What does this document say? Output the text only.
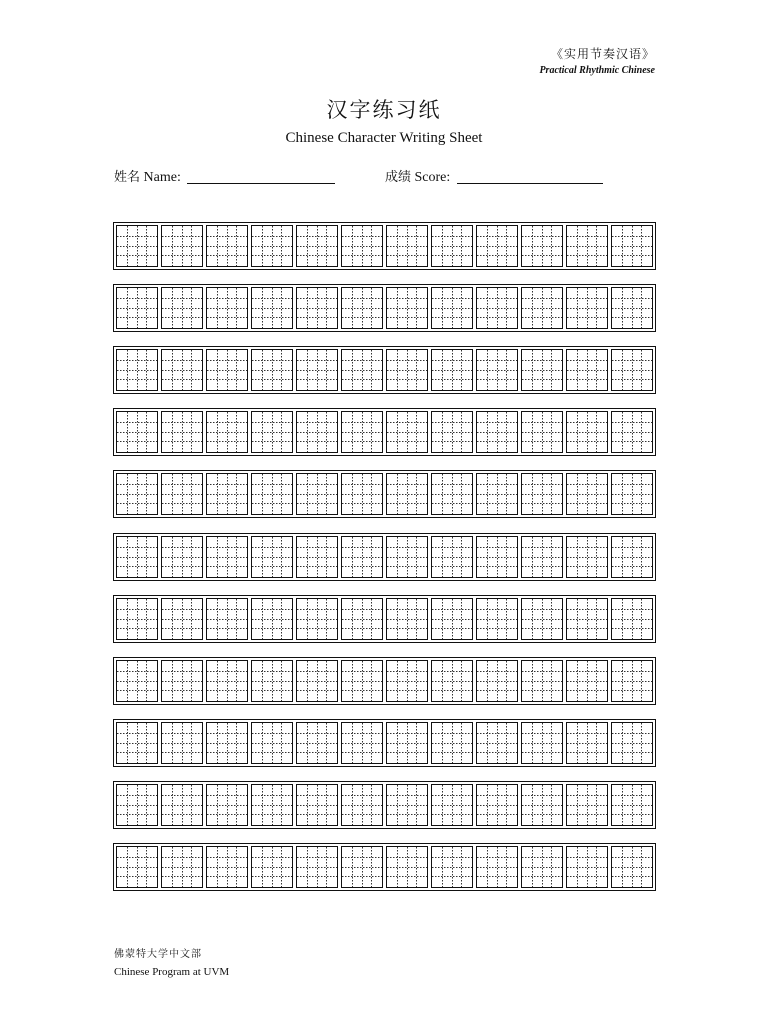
《实用节奏汉语》
Practical Rhythmic Chinese
汉字练习纸
Chinese Character Writing Sheet
姓名 Name:	成绩 Score:
佛蒙特大学中文部
Chinese Program at UVM
